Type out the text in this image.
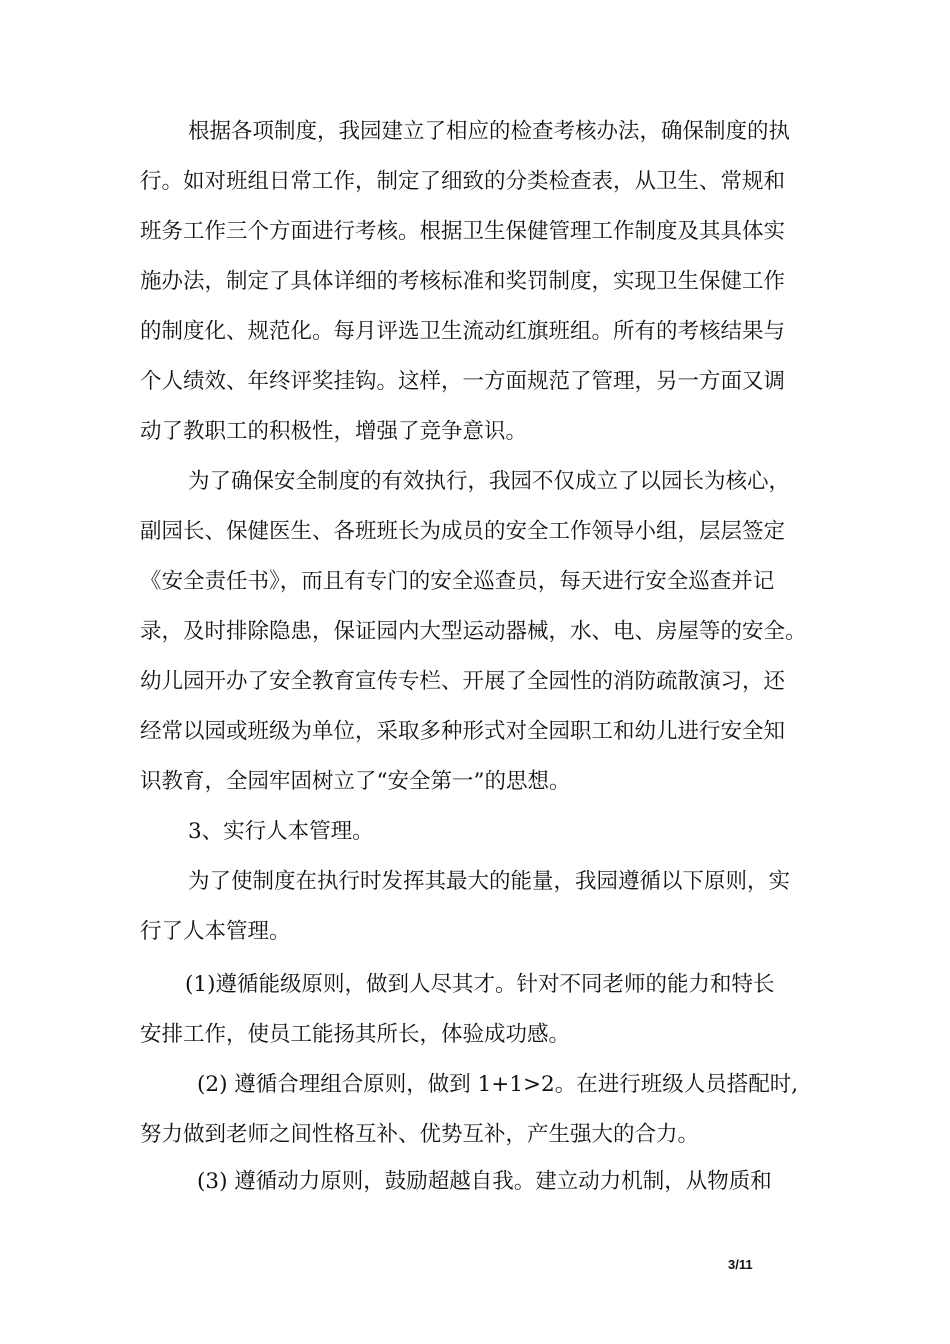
根据各项制度，我园建立了相应的检查考核办法，确保制度的执
行。如对班组日常工作，制定了细致的分类检查表，从卫生、常规和
班务工作三个方面进行考核。根据卫生保健管理工作制度及其具体实
施办法，制定了具体详细的考核标准和奖罚制度，实现卫生保健工作
的制度化、规范化。每月评选卫生流动红旗班组。所有的考核结果与
个人绩效、年终评奖挂钩。这样，一方面规范了管理，另一方面又调
动了教职工的积极性，增强了竞争意识。
为了确保安全制度的有效执行，我园不仅成立了以园长为核心，
副园长、保健医生、各班班长为成员的安全工作领导小组，层层签定
《安全责任书》，而且有专门的安全巡查员，每天进行安全巡查并记
录，及时排除隐患，保证园内大型运动器械，水、电、房屋等的安全。
幼儿园开办了安全教育宣传专栏、开展了全园性的消防疏散演习，还
经常以园或班级为单位，采取多种形式对全园职工和幼儿进行安全知
识教育，全园牢固树立了“安全第一”的思想。
3、实行人本管理。
为了使制度在执行时发挥其最大的能量，我园遵循以下原则，实
行了人本管理。
(1)遵循能级原则，做到人尽其才。针对不同老师的能力和特长
安排工作，使员工能扬其所长，体验成功感。
(2) 遵循合理组合原则，做到 1+1>2。在进行班级人员搭配时,
努力做到老师之间性格互补、优势互补，产生强大的合力。
(3) 遵循动力原则，鼓励超越自我。建立动力机制，从物质和
3/11
